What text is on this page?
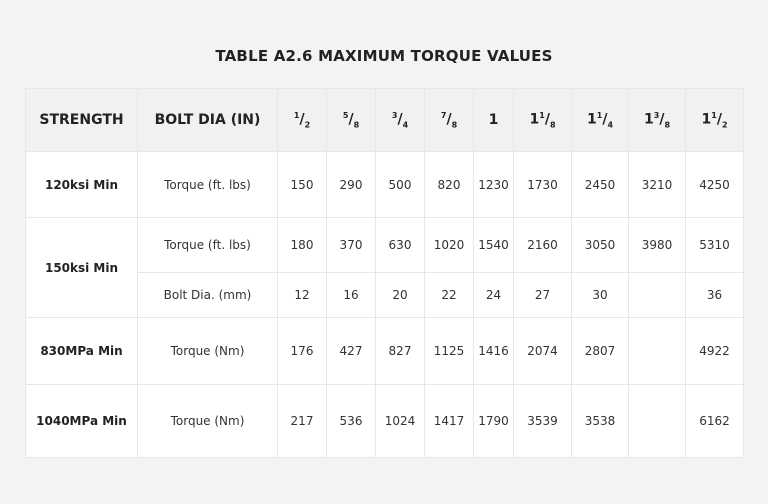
TABLE A2.6 MAXIMUM TORQUE VALUES
STRENGTH	BOLT DIA (IN)	$^1/_2$	$^5/_8$	$^3/_4$	$^7/_8$	1	$1^1/_8$	$1^1/_4$	$1^3/_8$	$1^1/_2$
120ksi Min	Torque (ft. lbs)	150	290	500	820	1230	1730	2450	3210	4250
150ksi Min	Torque (ft. lbs)	180	370	630	1020	1540	2160	3050	3980	5310
	Bolt Dia. (mm)	12	16	20	22	24	27	30		36
830MPa Min	Torque (Nm)	176	427	827	1125	1416	2074	2807		4922
1040MPa Min	Torque (Nm)	217	536	1024	1417	1790	3539	3538		6162
